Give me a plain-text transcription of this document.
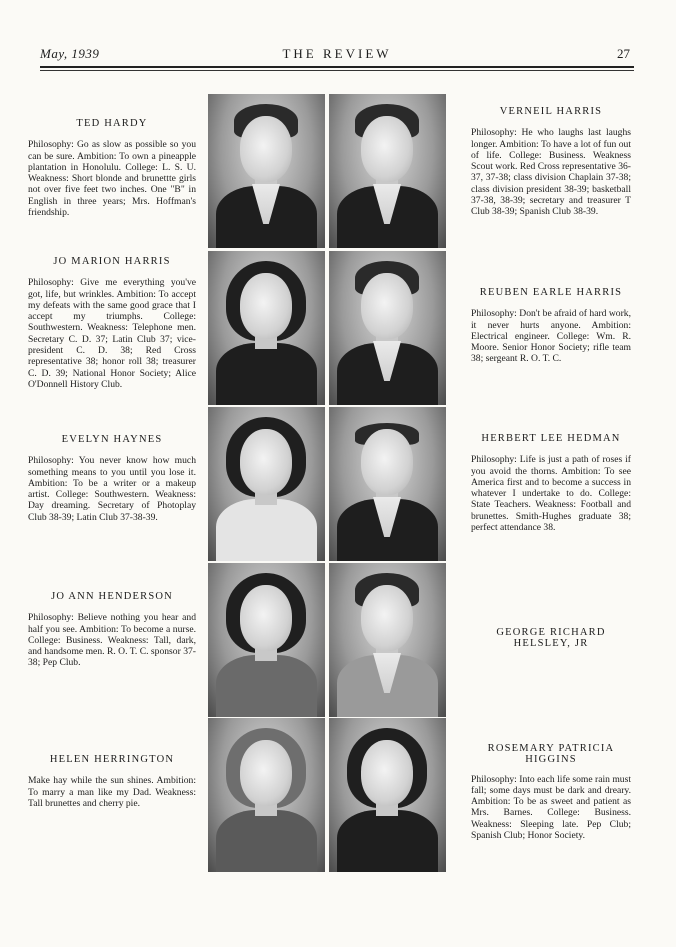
May, 1939	THE REVIEW	27
TED HARDY
Philosophy: Go as slow as possible so you can be sure. Ambition: To own a pineapple plantation in Honolulu. College: L. S. U. Weakness: Short blonde and brunettte girls not over five feet two inches. One "B" in English in three years; Mrs. Hoffman's friendship.
JO MARION HARRIS
Philosophy: Give me everything you've got, life, but wrinkles. Ambition: To accept my defeats with the same good grace that I accept my triumphs. College: Southwestern. Weakness: Telephone men. Secretary C. D. 37; Latin Club 37; vice-president C. D. 38; Red Cross representative 38; honor roll 38; treasurer C. D. 39; National Honor Society; Alice O'Donnell History Club.
EVELYN HAYNES
Philosophy: You never know how much something means to you until you lose it. Ambition: To be a writer or a makeup artist. College: Southwestern. Weakness: Day dreaming. Secretary of Photoplay Club 38-39; Latin Club 37-38-39.
JO ANN HENDERSON
Philosophy: Believe nothing you hear and half you see. Ambition: To become a nurse. College: Business. Weakness: Tall, dark, and handsome men. R. O. T. C. sponsor 37-38; Pep Club.
HELEN HERRINGTON
Make hay while the sun shines. Ambition: To marry a man like my Dad. Weakness: Tall brunettes and cherry pie.
VERNEIL HARRIS
Philosophy: He who laughs last laughs longer. Ambition: To have a lot of fun out of life. College: Business. Weakness Scout work. Red Cross representative 36-37, 37-38; class division Chaplain 37-38; class division president 38-39; basketball 37-38, 38-39; secretary and treasurer T Club 38-39; Spanish Club 38-39.
REUBEN EARLE HARRIS
Philosophy: Don't be afraid of hard work, it never hurts anyone. Ambition: Electrical engineer. College: Wm. R. Moore. Senior Honor Society; rifle team 38; sergeant R. O. T. C.
HERBERT LEE HEDMAN
Philosophy: Life is just a path of roses if you avoid the thorns. Ambition: To see America first and to become a success in whatever I undertake to do. College: State Teachers. Weakness: Football and brunettes. Smith-Hughes graduate 38; perfect attendance 38.
GEORGE RICHARD HELSLEY, JR
ROSEMARY PATRICIA HIGGINS
Philosophy: Into each life some rain must fall; some days must be dark and dreary. Ambition: To be as sweet and patient as Mrs. Barnes. College: Business. Weakness: Sleeping late. Pep Club; Spanish Club; Honor Society.
